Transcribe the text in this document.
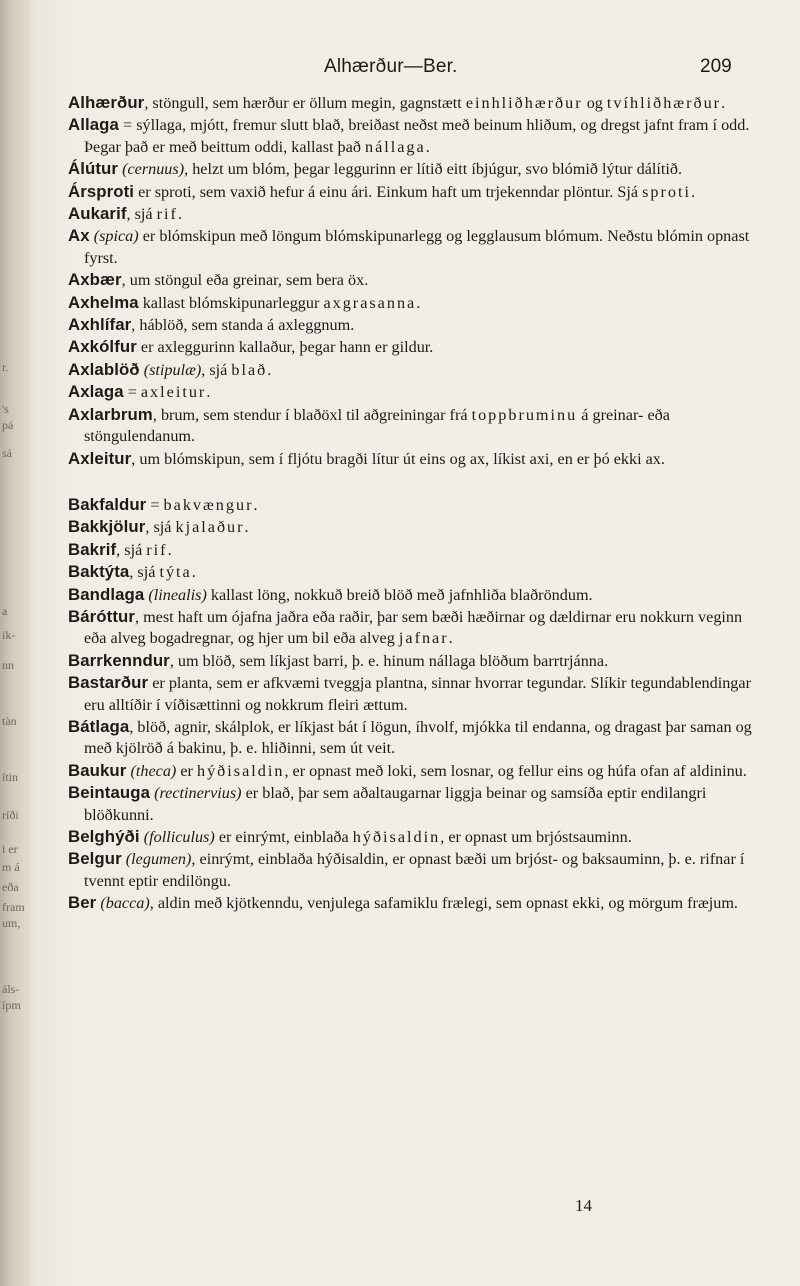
r.
's
pá
sá
a
ik-
nn
tàn
ítin
ríði
i er
m á
eða
fram
um,
áls-
ípm
Alhærður—Ber.	209

Alhærður, stöngull, sem hærður er öllum megin, gagnstætt einhliðhærður og tvíhliðhærður.

Allaga = sýllaga, mjótt, fremur slutt blað, breiðast neðst með beinum hliðum, og dregst jafnt fram í odd. Þegar það er með beittum oddi, kallast það nállaga.

Álútur (cernuus), helzt um blóm, þegar leggurinn er lítið eitt íbjúgur, svo blómið lýtur dálítið.

Ársproti er sproti, sem vaxið hefur á einu ári. Einkum haft um trjekenndar plöntur. Sjá sproti.

Aukarif, sjá rif.

Ax (spica) er blómskipun með löngum blómskipunarlegg og legglausum blómum. Neðstu blómin opnast fyrst.

Axbær, um stöngul eða greinar, sem bera öx.

Axhelma kallast blómskipunarleggur axgrasanna.

Axhlífar, háblöð, sem standa á axleggnum.

Axkólfur er axleggurinn kallaður, þegar hann er gildur.

Axlablöð (stipulæ), sjá blað.

Axlaga = axleitur.

Axlarbrum, brum, sem stendur í blaðöxl til aðgreiningar frá toppbruminu á greinar- eða stöngulendanum.

Axleitur, um blómskipun, sem í fljótu bragði lítur út eins og ax, líkist axi, en er þó ekki ax.

Bakfaldur = bakvængur.

Bakkjölur, sjá kjalaður.

Bakrif, sjá rif.

Baktýta, sjá týta.

Bandlaga (linealis) kallast löng, nokkuð breið blöð með jafnhliða blaðröndum.

Báróttur, mest haft um ójafna jaðra eða raðir, þar sem bæði hæðirnar og dældirnar eru nokkurn veginn eða alveg bogadregnar, og hjer um bil eða alveg jafnar.

Barrkenndur, um blöð, sem líkjast barri, þ. e. hinum nállaga blöðum barrtrjánna.

Bastarður er planta, sem er afkvæmi tveggja plantna, sinnar hvorrar tegundar. Slíkir tegundablendingar eru alltíðir í víðisættinni og nokkrum fleiri ættum.

Bátlaga, blöð, agnir, skálplok, er líkjast bát í lögun, íhvolf, mjókka til endanna, og dragast þar saman og með kjölröð á bakinu, þ. e. hliðinni, sem út veit.

Baukur (theca) er hýðisaldin, er opnast með loki, sem losnar, og fellur eins og húfa ofan af aldininu.

Beintauga (rectinervius) er blað, þar sem aðaltaugarnar liggja beinar og samsíða eptir endilangri blöðkunni.

Belghýði (folliculus) er einrýmt, einblaða hýðisaldin, er opnast um brjóstsauminn.

Belgur (legumen), einrýmt, einblaða hýðisaldin, er opnast bæði um brjóst- og baksauminn, þ. e. rifnar í tvennt eptir endilöngu.

Ber (bacca), aldin með kjötkenndu, venjulega safamiklu frælegi, sem opnast ekki, og mörgum fræjum.

14
